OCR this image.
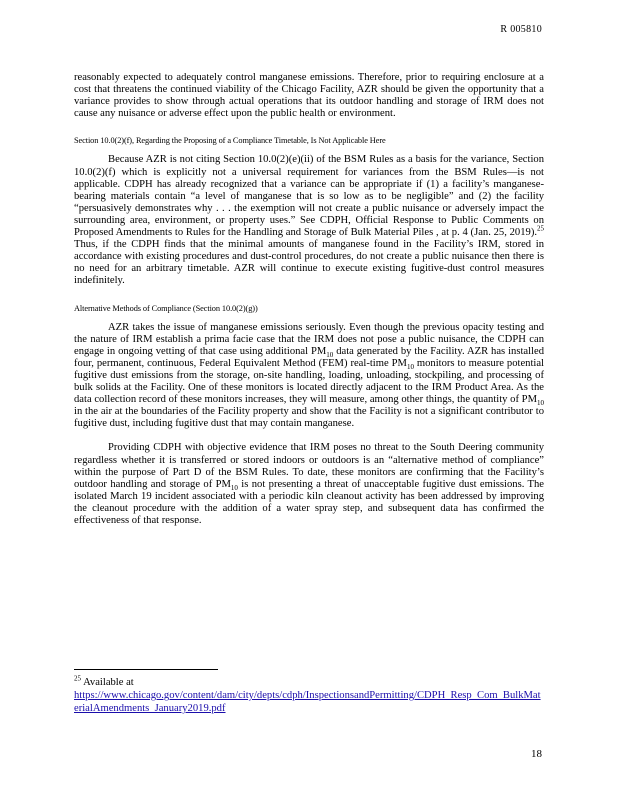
R 005810

reasonably expected to adequately control manganese emissions. Therefore, prior to requiring enclosure at a cost that threatens the continued viability of the Chicago Facility, AZR should be given the opportunity that a variance provides to show through actual operations that its outdoor handling and storage of IRM does not cause any nuisance or adverse effect upon the public health or environment.

Section 10.0(2)(f), Regarding the Proposing of a Compliance Timetable, Is Not Applicable Here

Because AZR is not citing Section 10.0(2)(e)(ii) of the BSM Rules as a basis for the variance, Section 10.0(2)(f) which is explicitly not a universal requirement for variances from the BSM Rules—is not applicable. CDPH has already recognized that a variance can be appropriate if (1) a facility’s manganese-bearing materials contain “a level of manganese that is so low as to be negligible” and (2) the facility “persuasively demonstrates why . . . the exemption will not create a public nuisance or adversely impact the surrounding area, environment, or property uses.” See CDPH, Official Response to Public Comments on Proposed Amendments to Rules for the Handling and Storage of Bulk Material Piles , at p. 4 (Jan. 25, 2019).$^{25}$ Thus, if the CDPH finds that the minimal amounts of manganese found in the Facility’s IRM, stored in accordance with existing procedures and dust-control procedures, do not create a public nuisance then there is no need for an arbitrary timetable. AZR will continue to execute existing fugitive-dust control measures indefinitely.

Alternative Methods of Compliance (Section 10.0(2)(g))

AZR takes the issue of manganese emissions seriously. Even though the previous opacity testing and the nature of IRM establish a prima facie case that the IRM does not pose a public nuisance, the CDPH can engage in ongoing vetting of that case using additional $PM_{10}$ data generated by the Facility. AZR has installed four, permanent, continuous, Federal Equivalent Method (FEM) real-time $PM_{10}$ monitors to measure potential fugitive dust emissions from the storage, on-site handling, loading, unloading, stockpiling, and processing of bulk solids at the Facility. One of these monitors is located directly adjacent to the IRM Product Area. As the data collection record of these monitors increases, they will measure, among other things, the quantity of $PM_{10}$ in the air at the boundaries of the Facility property and show that the Facility is not a significant contributor to fugitive dust, including fugitive dust that may contain manganese.

Providing CDPH with objective evidence that IRM poses no threat to the South Deering community regardless whether it is transferred or stored indoors or outdoors is an “alternative method of compliance” within the purpose of Part D of the BSM Rules. To date, these monitors are confirming that the Facility’s outdoor handling and storage of $PM_{10}$ is not presenting a threat of unacceptable fugitive dust emissions. The isolated March 19 incident associated with a periodic kiln cleanout activity has been addressed by improving the cleanout procedure with the addition of a water spray step, and subsequent data has confirmed the effectiveness of that response.

$^{25}$ Available at
https://www.chicago.gov/content/dam/city/depts/cdph/InspectionsandPermitting/CDPH_Resp_Com_BulkMaterialAmendments_January2019.pdf
18
